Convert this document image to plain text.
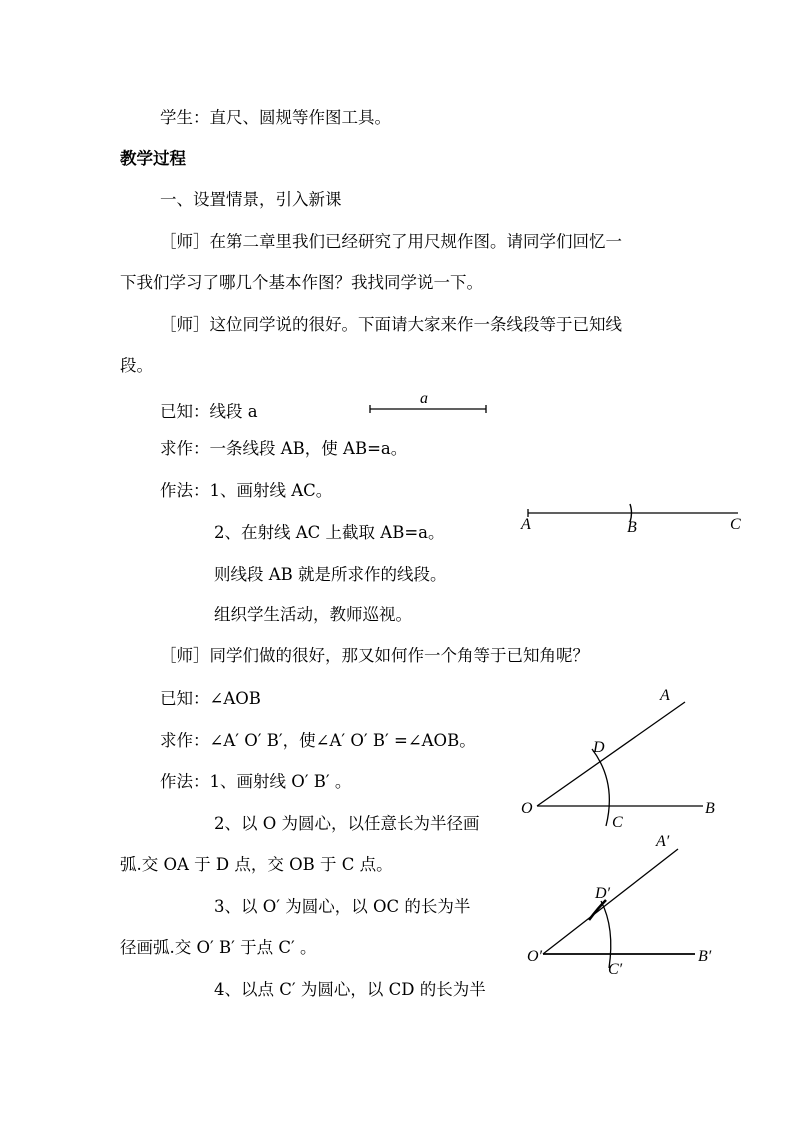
学生：直尺、圆规等作图工具。

教学过程

一、设置情景，引入新课

［师］在第二章里我们已经研究了用尺规作图。请同学们回忆一

下我们学习了哪几个基本作图？我找同学说一下。

［师］这位同学说的很好。下面请大家来作一条线段等于已知线

段。

已知：线段 a

求作：一条线段 AB，使 AB=a。

作法：1、画射线 AC。

2、在射线 AC 上截取 AB=a。

则线段 AB 就是所求作的线段。

组织学生活动，教师巡视。

［师］同学们做的很好，那又如何作一个角等于已知角呢？

已知：∠AOB

求作：∠A′ O′ B′，使∠A′ O′ B′ =∠AOB。

作法：1、画射线 O′ B′ 。

2、以 O 为圆心，以任意长为半径画

弧.交 OA 于 D 点，交 OB 于 C 点。

3、以 O′ 为圆心，以 OC 的长为半

径画弧.交 O′ B′ 于点 C′ 。

4、以点 C′ 为圆心，以 CD 的长为半

a
A	B	C
A
D
O
C
B
A′
D′
O′
C′
B′
